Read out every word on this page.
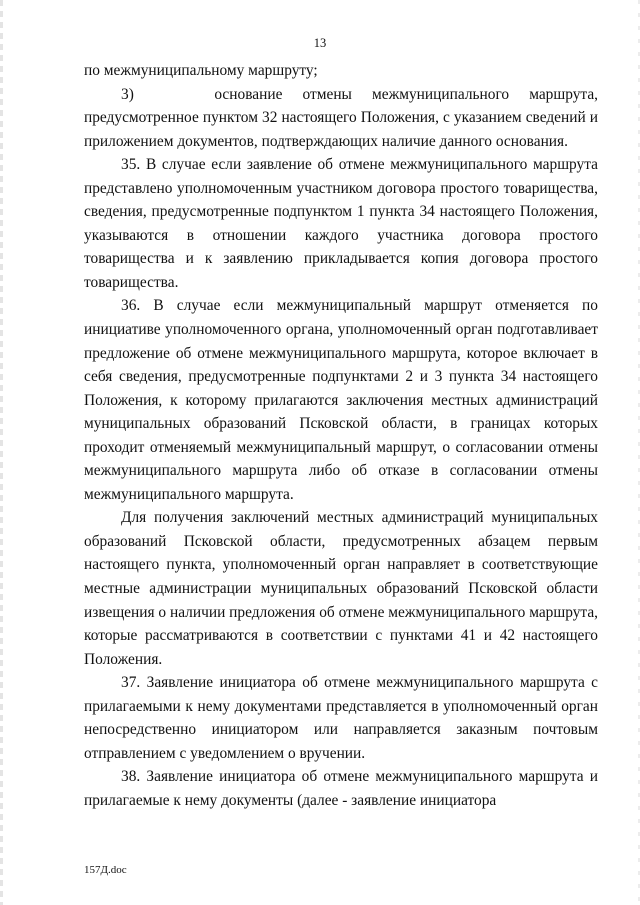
13

по межмуниципальному маршруту;

3)    основание отмены межмуниципального маршрута, предусмотренное пунктом 32 настоящего Положения, с указанием сведений и приложением документов, подтверждающих наличие данного основания.

35. В случае если заявление об отмене межмуниципального маршрута представлено уполномоченным участником договора простого товарищества, сведения, предусмотренные подпунктом 1 пункта 34 настоящего Положения, указываются в отношении каждого участника договора простого товарищества и к заявлению прикладывается копия договора простого товарищества.

36. В случае если межмуниципальный маршрут отменяется по инициативе уполномоченного органа, уполномоченный орган подготавливает предложение об отмене межмуниципального маршрута, которое включает в себя сведения, предусмотренные подпунктами 2 и 3 пункта 34 настоящего Положения, к которому прилагаются заключения местных администраций муниципальных образований Псковской области, в границах которых проходит отменяемый межмуниципальный маршрут, о согласовании отмены межмуниципального маршрута либо об отказе в согласовании отмены межмуниципального маршрута.

Для получения заключений местных администраций муниципальных образований Псковской области, предусмотренных абзацем первым настоящего пункта, уполномоченный орган направляет в соответствующие местные администрации муниципальных образований Псковской области извещения о наличии предложения об отмене межмуниципального маршрута, которые рассматриваются в соответствии с пунктами 41 и 42 настоящего Положения.

37. Заявление инициатора об отмене межмуниципального маршрута с прилагаемыми к нему документами представляется в уполномоченный орган непосредственно инициатором или направляется заказным почтовым отправлением с уведомлением о вручении.

38. Заявление инициатора об отмене межмуниципального маршрута и прилагаемые к нему документы (далее - заявление инициатора

157Д.doc
